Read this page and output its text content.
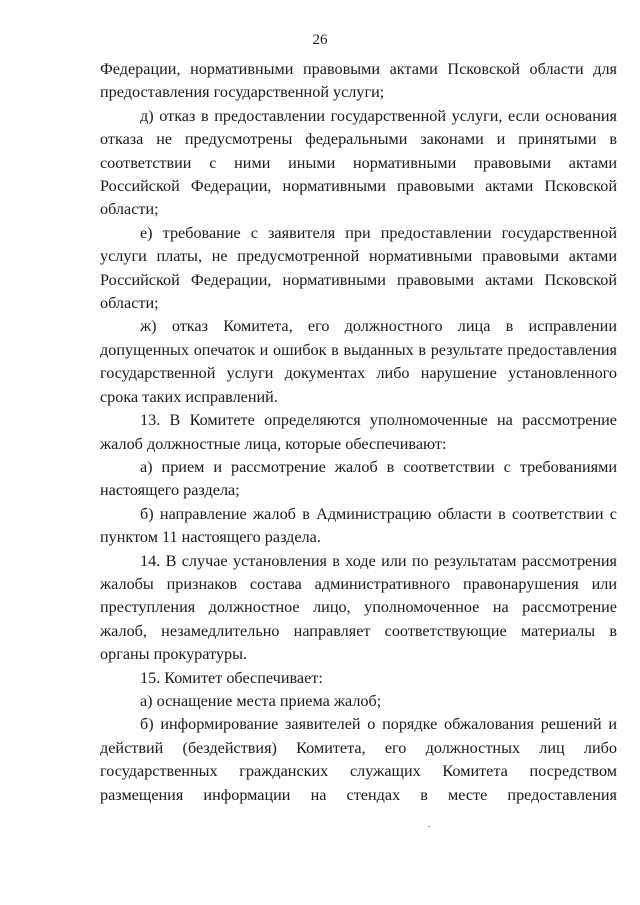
26

Федерации, нормативными правовыми актами Псковской области для предоставления государственной услуги;

д) отказ в предоставлении государственной услуги, если основания отказа не предусмотрены федеральными законами и принятыми в соответствии с ними иными нормативными правовыми актами Российской Федерации, нормативными правовыми актами Псковской области;

е) требование с заявителя при предоставлении государственной услуги платы, не предусмотренной нормативными правовыми актами Российской Федерации, нормативными правовыми актами Псковской области;

ж) отказ Комитета, его должностного лица в исправлении допущенных опечаток и ошибок в выданных в результате предоставления государственной услуги документах либо нарушение установленного срока таких исправлений.

13. В Комитете определяются уполномоченные на рассмотрение жалоб должностные лица, которые обеспечивают:

а) прием и рассмотрение жалоб в соответствии с требованиями настоящего раздела;

б) направление жалоб в Администрацию области в соответствии с пунктом 11 настоящего раздела.

14. В случае установления в ходе или по результатам рассмотрения жалобы признаков состава административного правонарушения или преступления должностное лицо, уполномоченное на рассмотрение жалоб, незамедлительно направляет соответствующие материалы в органы прокуратуры.

15. Комитет обеспечивает:

а) оснащение места приема жалоб;

б) информирование заявителей о порядке обжалования решений и действий (бездействия) Комитета, его должностных лиц либо государственных гражданских служащих Комитета посредством размещения информации на стендах в месте предоставления
